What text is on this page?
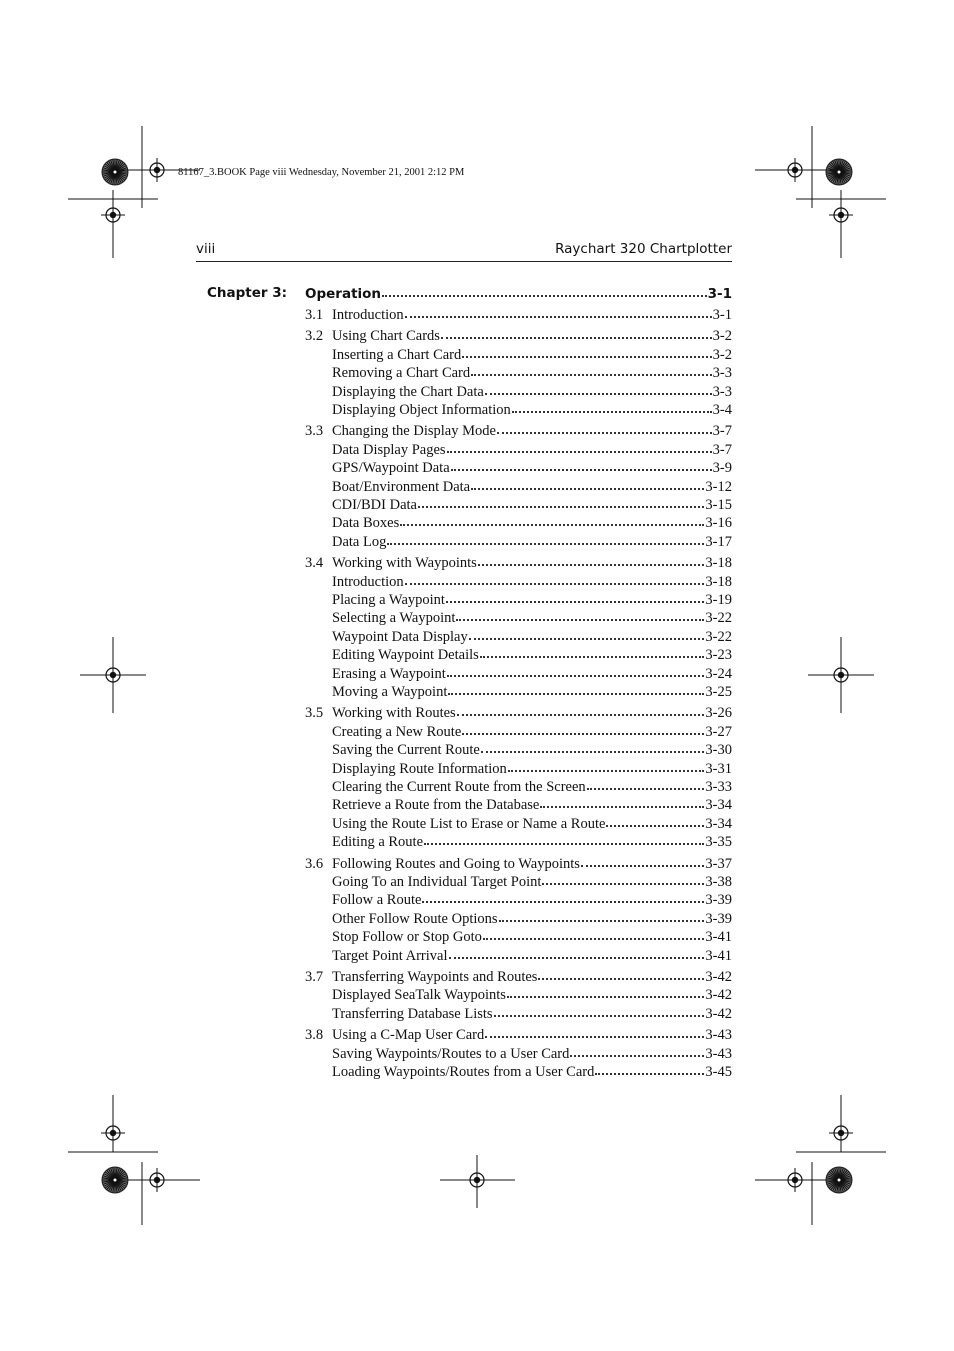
81167_3.BOOK Page viii Wednesday, November 21, 2001 2:12 PM
viii	Raychart 320 Chartplotter
Chapter 3: Operation	3-1
3.1 Introduction	3-1
3.2 Using Chart Cards	3-2
Inserting a Chart Card	3-2
Removing a Chart Card	3-3
Displaying the Chart Data	3-3
Displaying Object Information	3-4
3.3 Changing the Display Mode	3-7
Data Display Pages	3-7
GPS/Waypoint Data	3-9
Boat/Environment Data	3-12
CDI/BDI Data	3-15
Data Boxes	3-16
Data Log	3-17
3.4 Working with Waypoints	3-18
Introduction	3-18
Placing a Waypoint	3-19
Selecting a Waypoint	3-22
Waypoint Data Display	3-22
Editing Waypoint Details	3-23
Erasing a Waypoint	3-24
Moving a Waypoint	3-25
3.5 Working with Routes	3-26
Creating a New Route	3-27
Saving the Current Route	3-30
Displaying Route Information	3-31
Clearing the Current Route from the Screen	3-33
Retrieve a Route from the Database	3-34
Using the Route List to Erase or Name a Route	3-34
Editing a Route	3-35
3.6 Following Routes and Going to Waypoints	3-37
Going To an Individual Target Point	3-38
Follow a Route	3-39
Other Follow Route Options	3-39
Stop Follow or Stop Goto	3-41
Target Point Arrival	3-41
3.7 Transferring Waypoints and Routes	3-42
Displayed SeaTalk Waypoints	3-42
Transferring Database Lists	3-42
3.8 Using a C-Map User Card	3-43
Saving Waypoints/Routes to a User Card	3-43
Loading Waypoints/Routes from a User Card	3-45
